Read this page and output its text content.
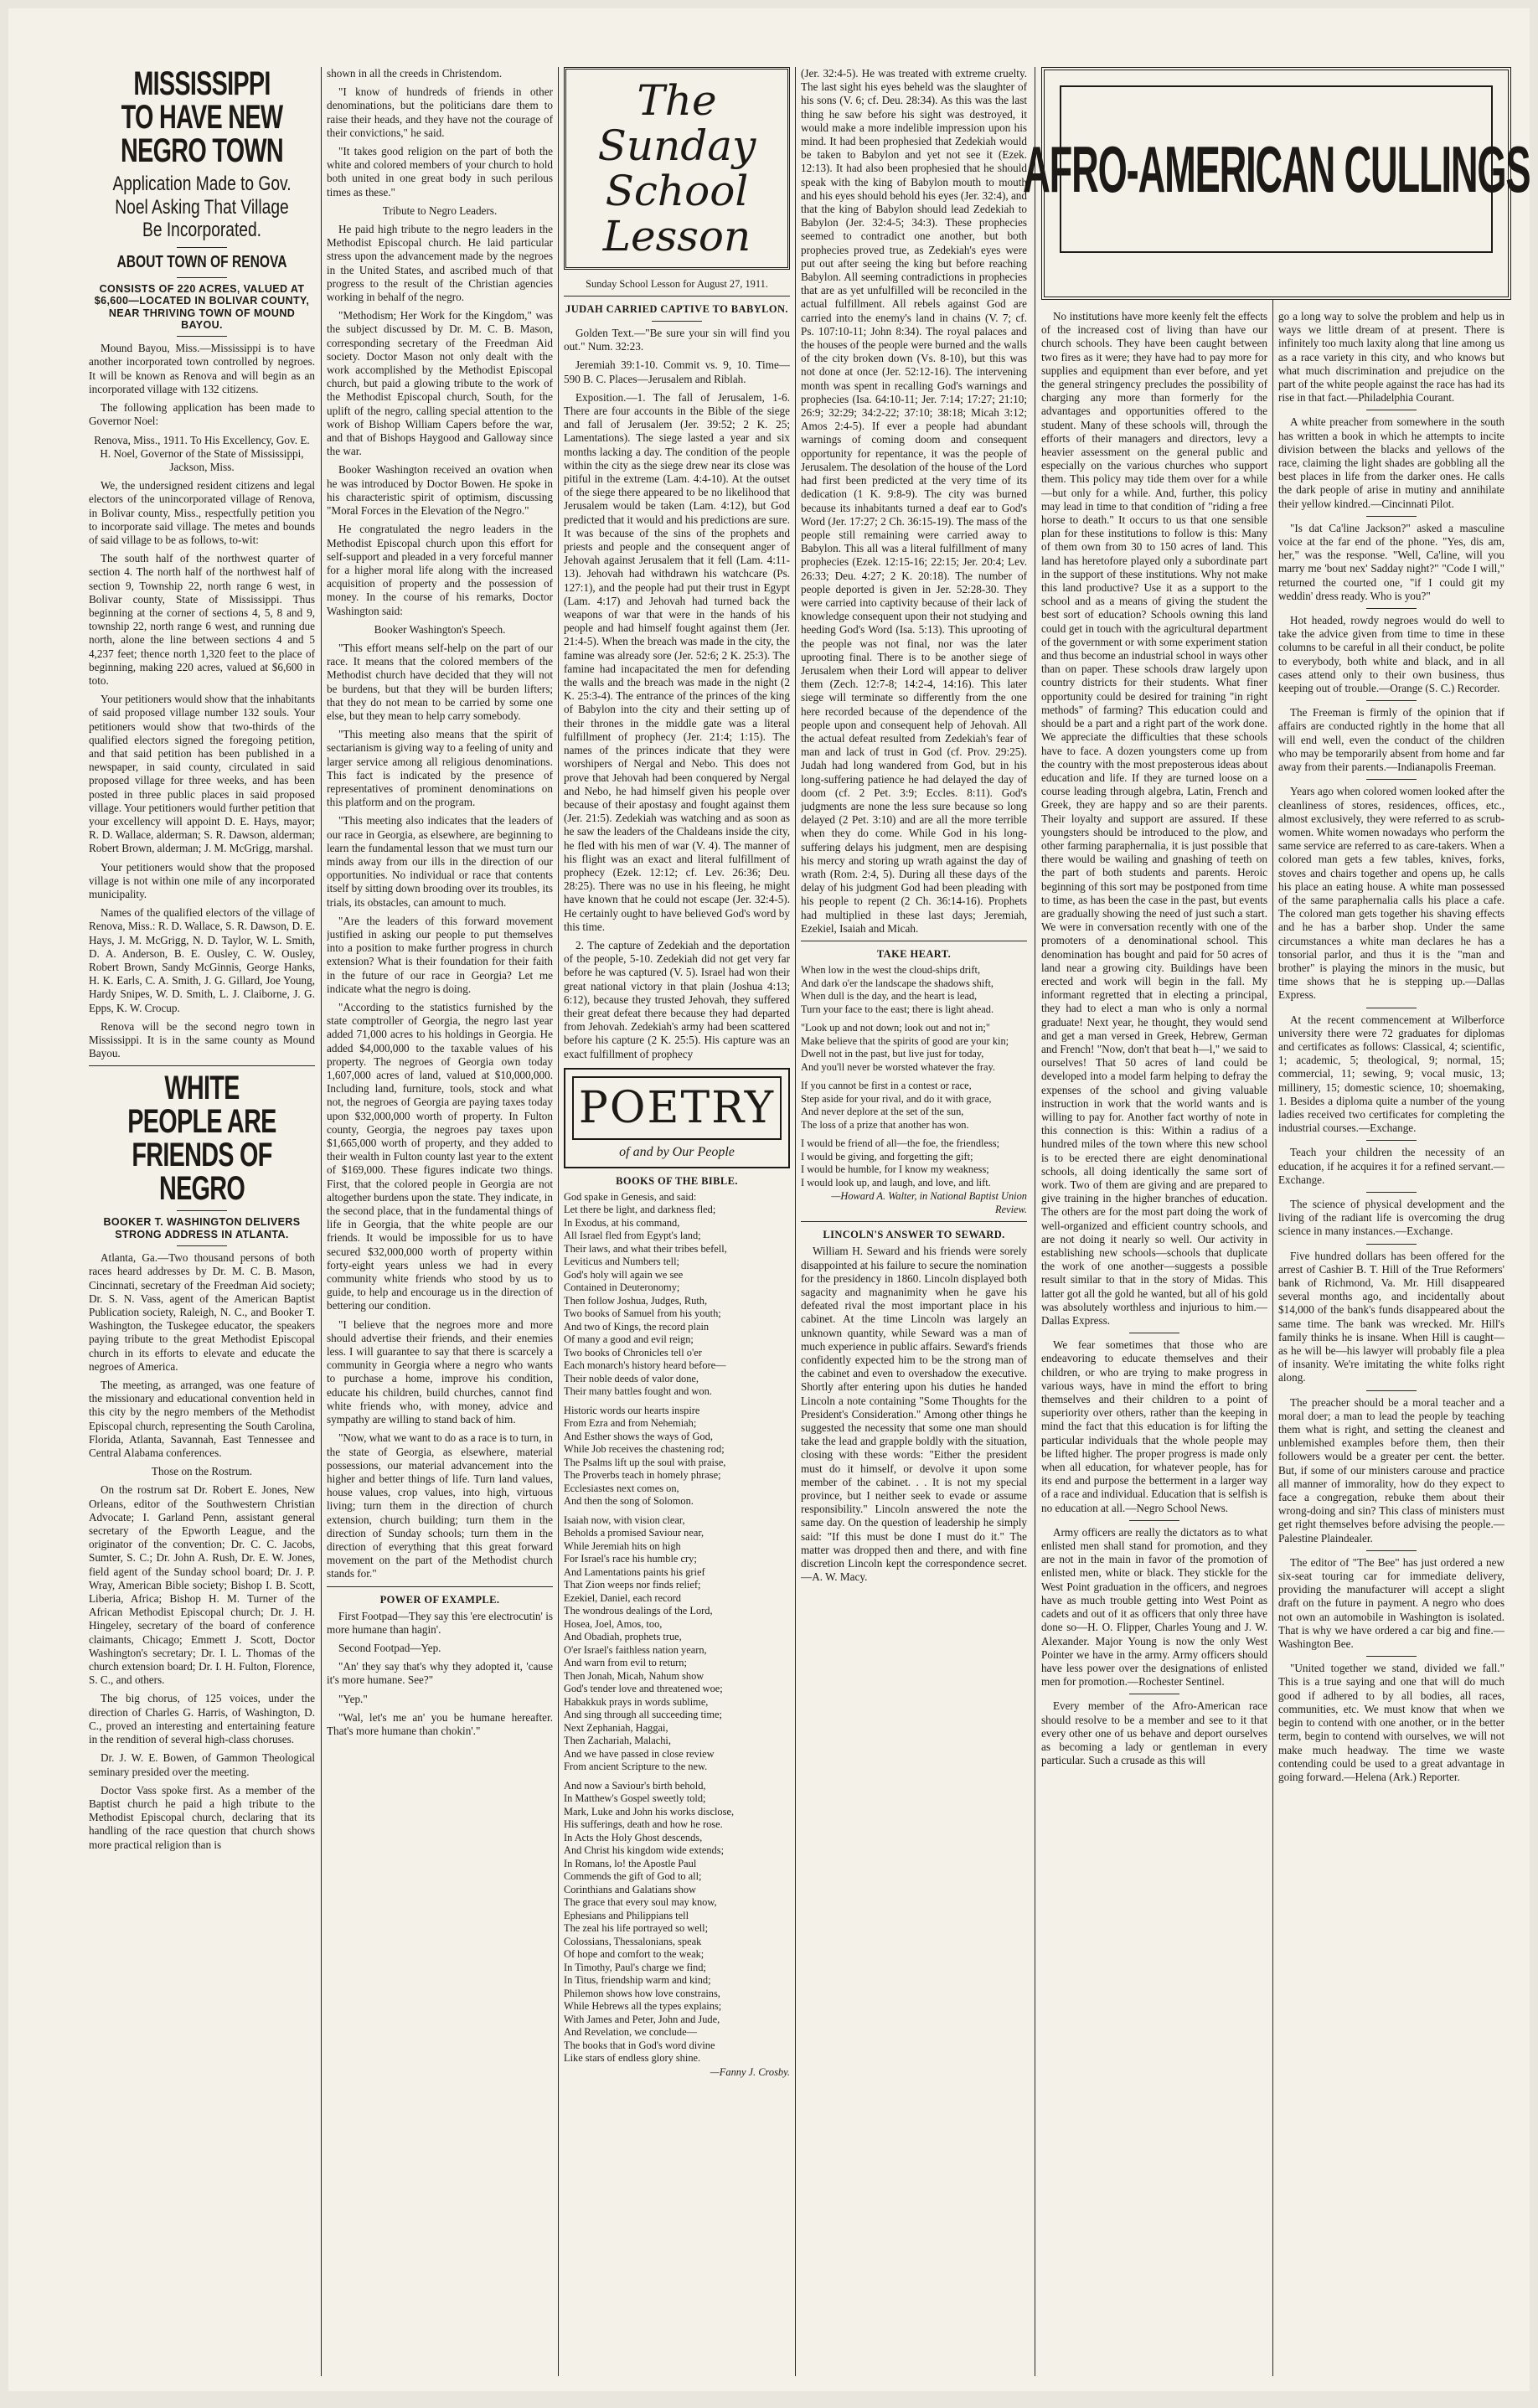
MISSISSIPPI TO HAVE NEW NEGRO TOWN
Application Made to Gov. Noel Asking That Village Be Incorporated.
ABOUT TOWN OF RENOVA
CONSISTS OF 220 ACRES, VALUED AT $6,600—LOCATED IN BOLIVAR COUNTY, NEAR THRIVING TOWN OF MOUND BAYOU.

Mound Bayou, Miss.—Mississippi is to have another incorporated town controlled by negroes. It will be known as Renova and will begin as an incorporated village with 132 citizens.

The following application has been made to Governor Noel:

Renova, Miss., 1911. To His Excellency, Gov. E. H. Noel, Governor of the State of Mississippi, Jackson, Miss.

We, the undersigned resident citizens and legal electors of the unincorporated village of Renova, in Bolivar county, Miss., respectfully petition you to incorporate said village. The metes and bounds of said village to be as follows, to-wit:

The south half of the northwest quarter of section 4. The north half of the northwest half of section 9, Township 22, north range 6 west, in Bolivar county, State of Mississippi. Thus beginning at the corner of sections 4, 5, 8 and 9, township 22, north range 6 west, and running due north, alone the line between sections 4 and 5 4,237 feet; thence north 1,320 feet to the place of beginning, making 220 acres, valued at $6,600 in toto.

Your petitioners would show that the inhabitants of said proposed village number 132 souls. Your petitioners would show that two-thirds of the qualified electors signed the foregoing petition, and that said petition has been published in a newspaper, in said county, circulated in said proposed village for three weeks, and has been posted in three public places in said proposed village. Your petitioners would further petition that your excellency will appoint D. E. Hays, mayor; R. D. Wallace, alderman; S. R. Dawson, alderman; Robert Brown, alderman; J. M. McGrigg, marshal.

Your petitioners would show that the proposed village is not within one mile of any incorporated municipality.

Names of the qualified electors of the village of Renova, Miss.: R. D. Wallace, S. R. Dawson, D. E. Hays, J. M. McGrigg, N. D. Taylor, W. L. Smith, D. A. Anderson, B. E. Ousley, C. W. Ousley, Robert Brown, Sandy McGinnis, George Hanks, H. K. Earls, C. A. Smith, J. G. Gillard, Joe Young, Hardy Snipes, W. D. Smith, L. J. Claiborne, J. G. Epps, K. W. Crocup.

Renova will be the second negro town in Mississippi. It is in the same county as Mound Bayou.

WHITE PEOPLE ARE FRIENDS OF NEGRO
BOOKER T. WASHINGTON DELIVERS STRONG ADDRESS IN ATLANTA.

Atlanta, Ga.—Two thousand persons of both races heard addresses by Dr. M. C. B. Mason, Cincinnati, secretary of the Freedman Aid society; Dr. S. N. Vass, agent of the American Baptist Publication society, Raleigh, N. C., and Booker T. Washington, the Tuskegee educator, the speakers paying tribute to the great Methodist Episcopal church in its efforts to elevate and educate the negroes of America.

The meeting, as arranged, was one feature of the missionary and educational convention held in this city by the negro members of the Methodist Episcopal church, representing the South Carolina, Florida, Atlanta, Savannah, East Tennessee and Central Alabama conferences.

Those on the Rostrum.

On the rostrum sat Dr. Robert E. Jones, New Orleans, editor of the Southwestern Christian Advocate; I. Garland Penn, assistant general secretary of the Epworth League, and the originator of the convention; Dr. C. C. Jacobs, Sumter, S. C.; Dr. John A. Rush, Dr. E. W. Jones, field agent of the Sunday school board; Dr. J. P. Wray, American Bible society; Bishop I. B. Scott, Liberia, Africa; Bishop H. M. Turner of the African Methodist Episcopal church; Dr. J. H. Hingeley, secretary of the board of conference claimants, Chicago; Emmett J. Scott, Doctor Washington's secretary; Dr. I. L. Thomas of the church extension board; Dr. I. H. Fulton, Florence, S. C., and others.

The big chorus, of 125 voices, under the direction of Charles G. Harris, of Washington, D. C., proved an interesting and entertaining feature in the rendition of several high-class choruses.

Dr. J. W. E. Bowen, of Gammon Theological seminary presided over the meeting.

Doctor Vass spoke first. As a member of the Baptist church he paid a high tribute to the Methodist Episcopal church, declaring that its handling of the race question that church shows more practical religion than is

shown in all the creeds in Christendom.

"I know of hundreds of friends in other denominations, but the politicians dare them to raise their heads, and they have not the courage of their convictions," he said.

"It takes good religion on the part of both the white and colored members of your church to hold both united in one great body in such perilous times as these."

Tribute to Negro Leaders.

He paid high tribute to the negro leaders in the Methodist Episcopal church. He laid particular stress upon the advancement made by the negroes in the United States, and ascribed much of that progress to the result of the Christian agencies working in behalf of the negro.

"Methodism; Her Work for the Kingdom," was the subject discussed by Dr. M. C. B. Mason, corresponding secretary of the Freedman Aid society. Doctor Mason not only dealt with the work accomplished by the Methodist Episcopal church, but paid a glowing tribute to the work of the Methodist Episcopal church, South, for the uplift of the negro, calling special attention to the work of Bishop William Capers before the war, and that of Bishops Haygood and Galloway since the war.

Booker Washington received an ovation when he was introduced by Doctor Bowen. He spoke in his characteristic spirit of optimism, discussing "Moral Forces in the Elevation of the Negro."

He congratulated the negro leaders in the Methodist Episcopal church upon this effort for self-support and pleaded in a very forceful manner for a higher moral life along with the increased acquisition of property and the possession of money. In the course of his remarks, Doctor Washington said:

Booker Washington's Speech.

"This effort means self-help on the part of our race. It means that the colored members of the Methodist church have decided that they will not be burdens, but that they will be burden lifters; that they do not mean to be carried by some one else, but they mean to help carry somebody.

"This meeting also means that the spirit of sectarianism is giving way to a feeling of unity and larger service among all religious denominations. This fact is indicated by the presence of representatives of prominent denominations on this platform and on the program.

"This meeting also indicates that the leaders of our race in Georgia, as elsewhere, are beginning to learn the fundamental lesson that we must turn our minds away from our ills in the direction of our opportunities. No individual or race that contents itself by sitting down brooding over its troubles, its trials, its obstacles, can amount to much.

"Are the leaders of this forward movement justified in asking our people to put themselves into a position to make further progress in church extension? What is their foundation for their faith in the future of our race in Georgia? Let me indicate what the negro is doing.

"According to the statistics furnished by the state comptroller of Georgia, the negro last year added 71,000 acres to his holdings in Georgia. He added $4,000,000 to the taxable values of his property. The negroes of Georgia own today 1,607,000 acres of land, valued at $10,000,000. Including land, furniture, tools, stock and what not, the negroes of Georgia are paying taxes today upon $32,000,000 worth of property. In Fulton county, Georgia, the negroes pay taxes upon $1,665,000 worth of property, and they added to their wealth in Fulton county last year to the extent of $169,000. These figures indicate two things. First, that the colored people in Georgia are not altogether burdens upon the state. They indicate, in the second place, that in the fundamental things of life in Georgia, that the white people are our friends. It would be impossible for us to have secured $32,000,000 worth of property within forty-eight years unless we had in every community white friends who stood by us to guide, to help and encourage us in the direction of bettering our condition.

"I believe that the negroes more and more should advertise their friends, and their enemies less. I will guarantee to say that there is scarcely a community in Georgia where a negro who wants to purchase a home, improve his condition, educate his children, build churches, cannot find white friends who, with money, advice and sympathy are willing to stand back of him.

"Now, what we want to do as a race is to turn, in the state of Georgia, as elsewhere, material possessions, our material advancement into the higher and better things of life. Turn land values, house values, crop values, into high, virtuous living; turn them in the direction of church extension, church building; turn them in the direction of Sunday schools; turn them in the direction of everything that this great forward movement on the part of the Methodist church stands for."

POWER OF EXAMPLE.

First Footpad—They say this 'ere electrocutin' is more humane than hagin'.

Second Footpad—Yep.

"An' they say that's why they adopted it, 'cause it's more humane. See?"

"Yep."

"Wal, let's me an' you be humane hereafter. That's more humane than chokin'."

The Sunday School Lesson

Sunday School Lesson for August 27, 1911.

JUDAH CARRIED CAPTIVE TO BABYLON.

Golden Text.—"Be sure your sin will find you out." Num. 32:23.

Jeremiah 39:1-10. Commit vs. 9, 10. Time—590 B. C. Places—Jerusalem and Riblah.

Exposition.—1. The fall of Jerusalem, 1-6. There are four accounts in the Bible of the siege and fall of Jerusalem (Jer. 39:52; 2 K. 25; Lamentations). The siege lasted a year and six months lacking a day. The condition of the people within the city as the siege drew near its close was pitiful in the extreme (Lam. 4:4-10). At the outset of the siege there appeared to be no likelihood that Jerusalem would be taken (Lam. 4:12), but God predicted that it would and his predictions are sure. It was because of the sins of the prophets and priests and people and the consequent anger of Jehovah against Jerusalem that it fell (Lam. 4:11-13). Jehovah had withdrawn his watchcare (Ps. 127:1), and the people had put their trust in Egypt (Lam. 4:17) and Jehovah had turned back the weapons of war that were in the hands of his people and had himself fought against them (Jer. 21:4-5). When the breach was made in the city, the famine was already sore (Jer. 52:6; 2 K. 25:3). The famine had incapacitated the men for defending the walls and the breach was made in the night (2 K. 25:3-4). The entrance of the princes of the king of Babylon into the city and their setting up of their thrones in the middle gate was a literal fulfillment of prophecy (Jer. 21:4; 1:15). The names of the princes indicate that they were worshipers of Nergal and Nebo. This does not prove that Jehovah had been conquered by Nergal and Nebo, he had himself given his people over because of their apostasy and fought against them (Jer. 21:5). Zedekiah was watching and as soon as he saw the leaders of the Chaldeans inside the city, he fled with his men of war (V. 4). The manner of his flight was an exact and literal fulfillment of prophecy (Ezek. 12:12; cf. Lev. 26:36; Deu. 28:25). There was no use in his fleeing, he might have known that he could not escape (Jer. 32:4-5). He certainly ought to have believed God's word by this time.

2. The capture of Zedekiah and the deportation of the people, 5-10. Zedekiah did not get very far before he was captured (V. 5). Israel had won their great national victory in that plain (Joshua 4:13; 6:12), because they trusted Jehovah, they suffered their great defeat there because they had departed from Jehovah. Zedekiah's army had been scattered before his capture (2 K. 25:5). His capture was an exact fulfillment of prophecy

POETRY
of and by Our People
BOOKS OF THE BIBLE.

God spake in Genesis, and said:

Let there be light, and darkness fled;

In Exodus, at his command,

All Israel fled from Egypt's land;

Their laws, and what their tribes befell,

Leviticus and Numbers tell;

God's holy will again we see

Contained in Deuteronomy;

Then follow Joshua, Judges, Ruth,

Two books of Samuel from his youth;

And two of Kings, the record plain

Of many a good and evil reign;

Two books of Chronicles tell o'er

Each monarch's history heard before—

Their noble deeds of valor done,

Their many battles fought and won.

Historic words our hearts inspire

From Ezra and from Nehemiah;

And Esther shows the ways of God,

While Job receives the chastening rod;

The Psalms lift up the soul with praise,

The Proverbs teach in homely phrase;

Ecclesiastes next comes on,

And then the song of Solomon.

Isaiah now, with vision clear,

Beholds a promised Saviour near,

While Jeremiah hits on high

For Israel's race his humble cry;

And Lamentations paints his grief

That Zion weeps nor finds relief;

Ezekiel, Daniel, each record

The wondrous dealings of the Lord,

Hosea, Joel, Amos, too,

And Obadiah, prophets true,

O'er Israel's faithless nation yearn,

And warn from evil to return;

Then Jonah, Micah, Nahum show

God's tender love and threatened woe;

Habakkuk prays in words sublime,

And sing through all succeeding time;

Next Zephaniah, Haggai,

Then Zachariah, Malachi,

And we have passed in close review

From ancient Scripture to the new.

And now a Saviour's birth behold,

In Matthew's Gospel sweetly told;

Mark, Luke and John his works disclose,

His sufferings, death and how he rose.

In Acts the Holy Ghost descends,

And Christ his kingdom wide extends;

In Romans, lo! the Apostle Paul

Commends the gift of God to all;

Corinthians and Galatians show

The grace that every soul may know,

Ephesians and Philippians tell

The zeal his life portrayed so well;

Colossians, Thessalonians, speak

Of hope and comfort to the weak;

In Timothy, Paul's charge we find;

In Titus, friendship warm and kind;

Philemon shows how love constrains,

While Hebrews all the types explains;

With James and Peter, John and Jude,

And Revelation, we conclude—

The books that in God's word divine

Like stars of endless glory shine.

—Fanny J. Crosby.

(Jer. 32:4-5). He was treated with extreme cruelty. The last sight his eyes beheld was the slaughter of his sons (V. 6; cf. Deu. 28:34). As this was the last thing he saw before his sight was destroyed, it would make a more indelible impression upon his mind. It had been prophesied that Zedekiah would be taken to Babylon and yet not see it (Ezek. 12:13). It had also been prophesied that he should speak with the king of Babylon mouth to mouth and his eyes should behold his eyes (Jer. 32:4), and that the king of Babylon should lead Zedekiah to Babylon (Jer. 32:4-5; 34:3). These prophecies seemed to contradict one another, but both prophecies proved true, as Zedekiah's eyes were put out after seeing the king but before reaching Babylon. All seeming contradictions in prophecies that are as yet unfulfilled will be reconciled in the actual fulfillment. All rebels against God are carried into the enemy's land in chains (V. 7; cf. Ps. 107:10-11; John 8:34). The royal palaces and the houses of the people were burned and the walls of the city broken down (Vs. 8-10), but this was not done at once (Jer. 52:12-16). The intervening month was spent in recalling God's warnings and prophecies (Isa. 64:10-11; Jer. 7:14; 17:27; 21:10; 26:9; 32:29; 34:2-22; 37:10; 38:18; Micah 3:12; Amos 2:4-5). If ever a people had abundant warnings of coming doom and consequent opportunity for repentance, it was the people of Jerusalem. The desolation of the house of the Lord had first been predicted at the very time of its dedication (1 K. 9:8-9). The city was burned because its inhabitants turned a deaf ear to God's Word (Jer. 17:27; 2 Ch. 36:15-19). The mass of the people still remaining were carried away to Babylon. This all was a literal fulfillment of many prophecies (Ezek. 12:15-16; 22:15; Jer. 20:4; Lev. 26:33; Deu. 4:27; 2 K. 20:18). The number of people deported is given in Jer. 52:28-30. They were carried into captivity because of their lack of knowledge consequent upon their not studying and heeding God's Word (Isa. 5:13). This uprooting of the people was not final, nor was the later uprooting final. There is to be another siege of Jerusalem when their Lord will appear to deliver them (Zech. 12:7-8; 14:2-4, 14:16). This later siege will terminate so differently from the one here recorded because of the dependence of the people upon and consequent help of Jehovah. All the actual defeat resulted from Zedekiah's fear of man and lack of trust in God (cf. Prov. 29:25). Judah had long wandered from God, but in his long-suffering patience he had delayed the day of doom (cf. 2 Pet. 3:9; Eccles. 8:11). God's judgments are none the less sure because so long delayed (2 Pet. 3:10) and are all the more terrible when they do come. While God in his long-suffering delays his judgment, men are despising his mercy and storing up wrath against the day of wrath (Rom. 2:4, 5). During all these days of the delay of his judgment God had been pleading with his people to repent (2 Ch. 36:14-16). Prophets had multiplied in these last days; Jeremiah, Ezekiel, Isaiah and Micah.

TAKE HEART.

When low in the west the cloud-ships drift,

And dark o'er the landscape the shadows shift,

When dull is the day, and the heart is lead,

Turn your face to the east; there is light ahead.

"Look up and not down; look out and not in;"

Make believe that the spirits of good are your kin;

Dwell not in the past, but live just for today,

And you'll never be worsted whatever the fray.

If you cannot be first in a contest or race,

Step aside for your rival, and do it with grace,

And never deplore at the set of the sun,

The loss of a prize that another has won.

I would be friend of all—the foe, the friendless;

I would be giving, and forgetting the gift;

I would be humble, for I know my weakness;

I would look up, and laugh, and love, and lift.

—Howard A. Walter, in National Baptist Union Review.

LINCOLN'S ANSWER TO SEWARD.

William H. Seward and his friends were sorely disappointed at his failure to secure the nomination for the presidency in 1860. Lincoln displayed both sagacity and magnanimity when he gave his defeated rival the most important place in his cabinet. At the time Lincoln was largely an unknown quantity, while Seward was a man of much experience in public affairs. Seward's friends confidently expected him to be the strong man of the cabinet and even to overshadow the executive. Shortly after entering upon his duties he handed Lincoln a note containing "Some Thoughts for the President's Consideration." Among other things he suggested the necessity that some one man should take the lead and grapple boldly with the situation, closing with these words: "Either the president must do it himself, or devolve it upon some member of the cabinet. . . It is not my special province, but I neither seek to evade or assume responsibility." Lincoln answered the note the same day. On the question of leadership he simply said: "If this must be done I must do it." The matter was dropped then and there, and with fine discretion Lincoln kept the correspondence secret.—A. W. Macy.

AFRO-AMERICAN CULLINGS

No institutions have more keenly felt the effects of the increased cost of living than have our church schools. They have been caught between two fires as it were; they have had to pay more for supplies and equipment than ever before, and yet the general stringency precludes the possibility of charging any more than formerly for the advantages and opportunities offered to the student. Many of these schools will, through the efforts of their managers and directors, levy a heavier assessment on the general public and especially on the various churches who support them. This policy may tide them over for a while—but only for a while. And, further, this policy may lead in time to that condition of "riding a free horse to death." It occurs to us that one sensible plan for these institutions to follow is this: Many of them own from 30 to 150 acres of land. This land has heretofore played only a subordinate part in the support of these institutions. Why not make this land productive? Use it as a support to the school and as a means of giving the student the best sort of education? Schools owning this land could get in touch with the agricultural department of the government or with some experiment station and thus become an industrial school in ways other than on paper. These schools draw largely upon country districts for their students. What finer opportunity could be desired for training "in right methods" of farming? This education could and should be a part and a right part of the work done. We appreciate the difficulties that these schools have to face. A dozen youngsters come up from the country with the most preposterous ideas about education and life. If they are turned loose on a course leading through algebra, Latin, French and Greek, they are happy and so are their parents. Their loyalty and support are assured. If these youngsters should be introduced to the plow, and other farming paraphernalia, it is just possible that there would be wailing and gnashing of teeth on the part of both students and parents. Heroic beginning of this sort may be postponed from time to time, as has been the case in the past, but events are gradually showing the need of just such a start. We were in conversation recently with one of the promoters of a denominational school. This denomination has bought and paid for 50 acres of land near a growing city. Buildings have been erected and work will begin in the fall. My informant regretted that in electing a principal, they had to elect a man who is only a normal graduate! Next year, he thought, they would send and get a man versed in Greek, Hebrew, German and French! "Now, don't that beat h—l," we said to ourselves! That 50 acres of land could be developed into a model farm helping to defray the expenses of the school and giving valuable instruction in work that the world wants and is willing to pay for. Another fact worthy of note in this connection is this: Within a radius of a hundred miles of the town where this new school is to be erected there are eight denominational schools, all doing identically the same sort of work. Two of them are giving and are prepared to give training in the higher branches of education. The others are for the most part doing the work of well-organized and efficient country schools, and are not doing it nearly so well. Our activity in establishing new schools—schools that duplicate the work of one another—suggests a possible result similar to that in the story of Midas. This latter got all the gold he wanted, but all of his gold was absolutely worthless and injurious to him.—Dallas Express.

We fear sometimes that those who are endeavoring to educate themselves and their children, or who are trying to make progress in various ways, have in mind the effort to bring themselves and their children to a point of superiority over others, rather than the keeping in mind the fact that this education is for lifting the particular individuals that the whole people may be lifted higher. The proper progress is made only when all education, for whatever people, has for its end and purpose the betterment in a larger way of a race and individual. Education that is selfish is no education at all.—Negro School News.

Army officers are really the dictators as to what enlisted men shall stand for promotion, and they are not in the main in favor of the promotion of enlisted men, white or black. They stickle for the West Point graduation in the officers, and negroes have as much trouble getting into West Point as cadets and out of it as officers that only three have done so—H. O. Flipper, Charles Young and J. W. Alexander. Major Young is now the only West Pointer we have in the army. Army officers should have less power over the designations of enlisted men for promotion.—Rochester Sentinel.

Every member of the Afro-American race should resolve to be a member and see to it that every other one of us behave and deport ourselves as becoming a lady or gentleman in every particular. Such a crusade as this will

go a long way to solve the problem and help us in ways we little dream of at present. There is infinitely too much laxity along that line among us as a race variety in this city, and who knows but what much discrimination and prejudice on the part of the white people against the race has had its rise in that fact.—Philadelphia Courant.

A white preacher from somewhere in the south has written a book in which he attempts to incite division between the blacks and yellows of the race, claiming the light shades are gobbling all the best places in life from the darker ones. He calls the dark people of arise in mutiny and annihilate their yellow kindred.—Cincinnati Pilot.

"Is dat Ca'line Jackson?" asked a masculine voice at the far end of the phone. "Yes, dis am, her," was the response. "Well, Ca'line, will you marry me 'bout nex' Sadday night?" "Code I will," returned the courted one, "if I could git my weddin' dress ready. Who is you?"

Hot headed, rowdy negroes would do well to take the advice given from time to time in these columns to be careful in all their conduct, be polite to everybody, both white and black, and in all cases attend only to their own business, thus keeping out of trouble.—Orange (S. C.) Recorder.

The Freeman is firmly of the opinion that if affairs are conducted rightly in the home that all will end well, even the conduct of the children who may be temporarily absent from home and far away from their parents.—Indianapolis Freeman.

Years ago when colored women looked after the cleanliness of stores, residences, offices, etc., almost exclusively, they were referred to as scrub-women. White women nowadays who perform the same service are referred to as care-takers. When a colored man gets a few tables, knives, forks, stoves and chairs together and opens up, he calls his place an eating house. A white man possessed of the same paraphernalia calls his place a cafe. The colored man gets together his shaving effects and he has a barber shop. Under the same circumstances a white man declares he has a tonsorial parlor, and thus it is the "man and brother" is playing the minors in the music, but time shows that he is stepping up.—Dallas Express.

At the recent commencement at Wilberforce university there were 72 graduates for diplomas and certificates as follows: Classical, 4; scientific, 1; academic, 5; theological, 9; normal, 15; commercial, 11; sewing, 9; vocal music, 13; millinery, 15; domestic science, 10; shoemaking, 1. Besides a diploma quite a number of the young ladies received two certificates for completing the industrial courses.—Exchange.

Teach your children the necessity of an education, if he acquires it for a refined servant.—Exchange.

The science of physical development and the living of the radiant life is overcoming the drug science in many instances.—Exchange.

Five hundred dollars has been offered for the arrest of Cashier B. T. Hill of the True Reformers' bank of Richmond, Va. Mr. Hill disappeared several months ago, and incidentally about $14,000 of the bank's funds disappeared about the same time. The bank was wrecked. Mr. Hill's family thinks he is insane. When Hill is caught—as he will be—his lawyer will probably file a plea of insanity. We're imitating the white folks right along.

The preacher should be a moral teacher and a moral doer; a man to lead the people by teaching them what is right, and setting the cleanest and unblemished examples before them, then their followers would be a greater per cent. the better. But, if some of our ministers carouse and practice all manner of immorality, how do they expect to face a congregation, rebuke them about their wrong-doing and sin? This class of ministers must get right themselves before advising the people.—Palestine Plaindealer.

The editor of "The Bee" has just ordered a new six-seat touring car for immediate delivery, providing the manufacturer will accept a slight draft on the future in payment. A negro who does not own an automobile in Washington is isolated. That is why we have ordered a car big and fine.—Washington Bee.

"United together we stand, divided we fall." This is a true saying and one that will do much good if adhered to by all bodies, all races, communities, etc. We must know that when we begin to contend with one another, or in the better term, begin to contend with ourselves, we will not make much headway. The time we waste contending could be used to a great advantage in going forward.—Helena (Ark.) Reporter.
